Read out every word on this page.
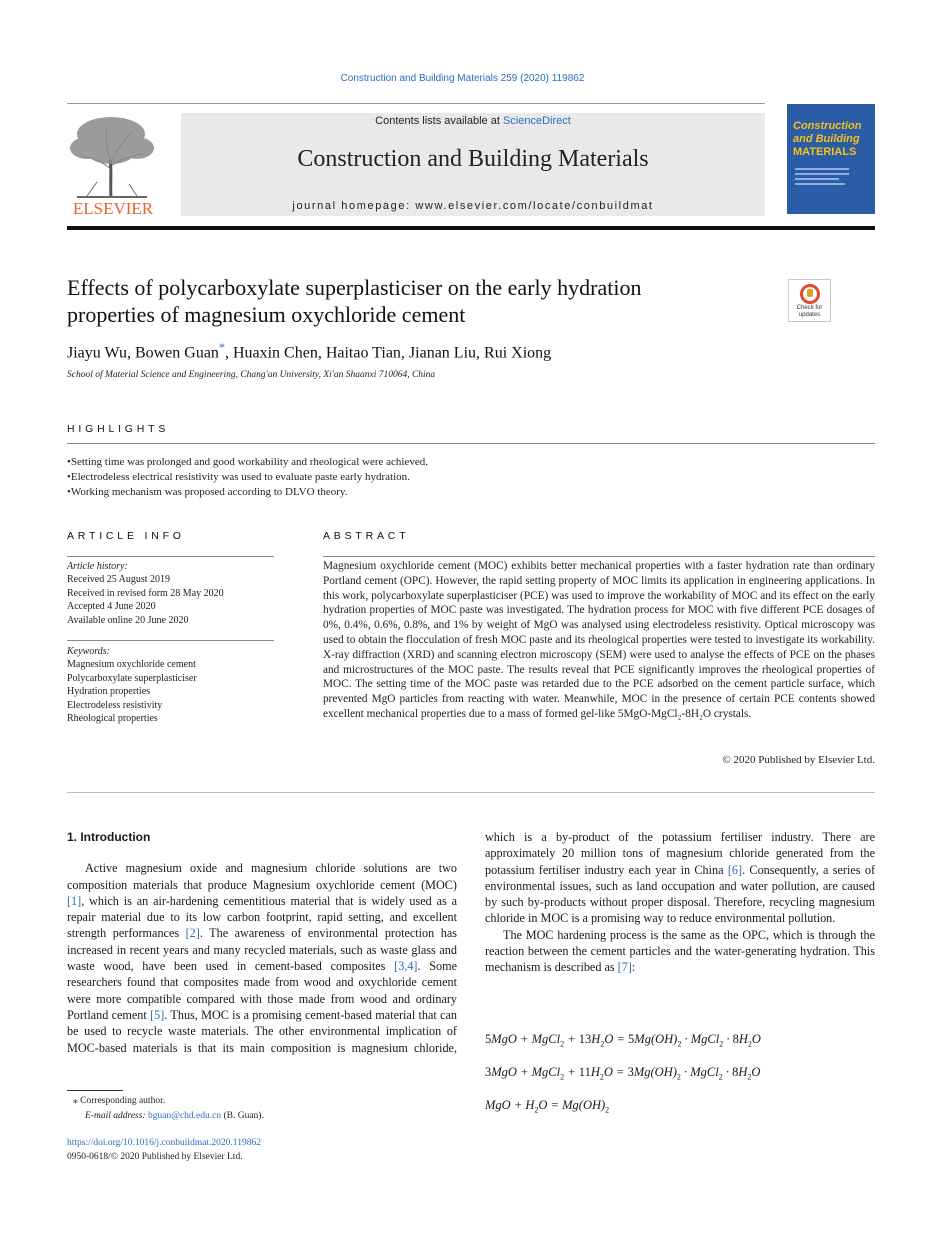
Construction and Building Materials 259 (2020) 119862
ELSEVIER
Contents lists available at ScienceDirect
Construction and Building Materials
journal homepage: www.elsevier.com/locate/conbuildmat
Construction
and Building
MATERIALS
Effects of polycarboxylate superplasticiser on the early hydration
properties of magnesium oxychloride cement	Check for
updates
Jiayu Wu, Bowen Guan*, Huaxin Chen, Haitao Tian, Jianan Liu, Rui Xiong
School of Material Science and Engineering, Chang'an University, Xi'an Shaanxi 710064, China
HIGHLIGHTS
• Setting time was prolonged and good workability and rheological were achieved.
• Electrodeless electrical resistivity was used to evaluate paste early hydration.
• Working mechanism was proposed according to DLVO theory.
ARTICLE INFO	ABSTRACT
Article history:
Received 25 August 2019
Received in revised form 28 May 2020
Accepted 4 June 2020
Available online 20 June 2020
Keywords:
Magnesium oxychloride cement
Polycarboxylate superplasticiser
Hydration properties
Electrodeless resistivity
Rheological properties
Magnesium oxychloride cement (MOC) exhibits better mechanical properties with a faster hydration rate than ordinary Portland cement (OPC). However, the rapid setting property of MOC limits its application in engineering applications. In this work, polycarboxylate superplasticiser (PCE) was used to improve the workability of MOC and its effect on the early hydration properties of MOC paste was investigated. The hydration process for MOC with five different PCE dosages of 0%, 0.4%, 0.6%, 0.8%, and 1% by weight of MgO was analysed using electrodeless resistivity. Optical microscopy was used to obtain the flocculation of fresh MOC paste and its rheological properties were tested to investigate its workability. X-ray diffraction (XRD) and scanning electron microscopy (SEM) were used to analyse the effects of PCE on the phases and microstructures of the MOC paste. The results reveal that PCE significantly improves the rheological properties of MOC. The setting time of the MOC paste was retarded due to the PCE adsorbed on the cement particle surface, which prevented MgO particles from reacting with water. Meanwhile, MOC in the presence of certain PCE contents showed excellent mechanical properties due to a mass of formed gel-like 5MgO-MgCl₂-8H₂O crystals.
© 2020 Published by Elsevier Ltd.
1. Introduction

Active magnesium oxide and magnesium chloride solutions are two composition materials that produce Magnesium oxychloride cement (MOC) [1], which is an air-hardening cementitious material that is widely used as a repair material due to its low carbon footprint, rapid setting, and excellent strength performances [2]. The awareness of environmental protection has increased in recent years and many recycled materials, such as waste glass and waste wood, have been used in cement-based composites [3,4]. Some researchers found that composites made from wood and oxychloride cement were more compatible compared with those made from wood and ordinary Portland cement [5]. Thus, MOC is a promising cement-based material that can be used to recycle waste materials. The other environmental implication of MOC-based materials is that its main composition is magnesium chloride,

which is a by-product of the potassium fertiliser industry. There are approximately 20 million tons of magnesium chloride generated from the potassium fertiliser industry each year in China [6]. Consequently, a series of environmental issues, such as land occupation and water pollution, are caused by such by-products without proper disposal. Therefore, recycling magnesium chloride in MOC is a promising way to reduce environmental pollution.

The MOC hardening process is the same as the OPC, which is through the reaction between the cement particles and the water-generating hydration. This mechanism is described as [7]:

5MgO + MgCl$_2$ + $13H_2O = 5Mg(OH)_2$ · MgCl$_2$ · $8H_2O$
3MgO + MgCl$_2$ + $11H_2O = 3Mg(OH)_2$ · MgCl$_2$ · $8H_2O$
MgO + $H_2O = Mg(OH)_2$
⁎ Corresponding author.
E-mail address: bguan@chd.edu.cn (B. Guan).
https://doi.org/10.1016/j.conbuildmat.2020.119862
0950-0618/© 2020 Published by Elsevier Ltd.
